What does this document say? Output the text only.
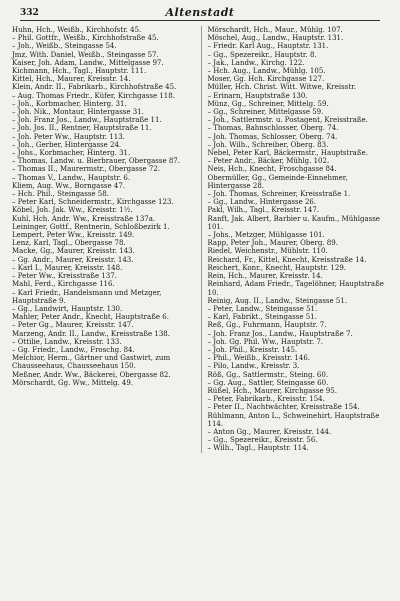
332	Altenstadt

Huhn, Hch., Weißb., Kirchhofstr. 45.

– Phil. Gottfr., Weißb., Kirchhofstraße 45.

– Joh., Weißb., Steingasse 54.

Jmz, With. Daniel, Weißb., Steingasse 57.

Kaiser, Joh. Adam, Landw., Mittelgasse 97.

Kichmann, Hch., Tagl., Hauptstr. 111.

Kittel, Hch., Maurer, Kreisstr. 14.

Klein, Andr. II., Fabrikarb., Kirchhofstraße 45.

– Aug. Thomas Friedr., Küfer, Kirchgasse 118.

– Joh., Korbmacher, Hinterg. 31.

– Joh. Nik., Montaur, Hintergasse 31.

– Joh. Franz Jos., Landw., Hauptstraße 11.

– Joh. Jos. II., Rentner, Hauptstraße 11.

– Joh. Peter Ww., Hauptstr. 113.

– Joh., Gerber, Hintergasse 24.

– Johs., Korbmacher, Hinterg. 31.

– Thomas, Landw. u. Bierbrauer, Obergasse 87.

– Thomas II., Maurermstr., Obergasse 72.

– Thomas V., Landw., Hauptstr. 6.

Kliem, Aug. Ww., Borngasse 47.

– Hch. Phil., Steingasse 58.

– Peter Karl, Schneidermstr., Kirchgasse 123.

Köbel, Joh. Jak. Ww., Kreisstr. 1½.

Kuhl, Hch. Andr. Ww., Kreisstraße 137a.

Leininger, Gottf., Rentnerin, Schloßbezirk 1.

Lempert, Peter Ww., Kreisstr. 149.

Lenz, Karl, Tagl., Obergasse 78.

Macke, Gg., Maurer, Kreisstr. 143.

– Gg. Andr., Maurer, Kreisstr. 143.

– Karl I., Maurer, Kreisstr. 148.

– Peter Ww., Kreisstraße 137.

Mahl, Ferd., Kirchgasse 116.

– Karl Friedr., Handelsmann und Metzger, Hauptstraße 9.

– Gg., Landwirt, Hauptstr. 130.

Mahler, Peter Andr., Knecht, Hauptstraße 6.

– Peter Gg., Maurer, Kreisstr. 147.

Marzeng, Andr. II., Landw., Kreisstraße 138.

– Ottilie, Landw., Kreisstr. 133.

– Gg. Friedr., Landw., Froschg. 84.

Melchior, Herm., Gärtner und Gastwirt, zum Chausseehaus, Chausseehaus 150.

Meßner, Andr. Ww., Bäckerei, Obergasse 82.

Mörschardt, Gg. Ww., Mittelg. 49.

Mörschardt, Hch., Maur., Mühlg. 107.

Möschel, Aug., Landw., Hauptstr. 131.

– Friedr. Karl Aug., Hauptstr. 131.

– Gg., Spezereikr., Hauptstr. 8.

– Jak., Landw., Kirchg. 122.

– Hch. Aug., Landw., Mühlg. 105.

Moser, Gg. Hch. Kirchgasse 127.

Müller, Hch. Christ. Witt. Witwe, Kreisstr.

– Erinarn, Hauptstraße 130.

Münz, Gg., Schreiner, Mittelg. 59.

– Gg., Schreiner, Mittelgasse 59.

– Joh., Sattlermstr. u. Postagent, Kreisstraße.

– Thomas, Bahnschlosser, Oberg. 74.

– Joh. Thomas, Schlosser, Oberg. 74.

– Joh. Wilh., Schreiber, Oberg. 83.

Nebel, Peter Karl, Bäckermstr., Hauptstraße.

– Peter Andr., Bäcker, Mühlg. 102.

Neis, Hch., Knecht, Froschgasse 84.

Obermüller, Gg., Gemeinde-Einnehmer, Hintergasse 28.

– Joh. Thomas, Schreiner, Kreisstraße 1.

– Gg., Landw., Hintergasse 26.

Pakl, Wilh., Tagl., Kreisstr. 147.

Ranft, Jak. Albert, Barbier u. Kaufm., Mühlgasse 101.

– Johs., Metzger, Mühlgasse 101.

Rapp, Peter Joh., Maurer, Oberg. 89.

Riedel, Weichenstr., Mühlstr. 110.

Reichard, Fr., Kittel, Knecht, Kreisstraße 14.

Reichert, Konr., Knecht, Hauptstr. 129.

Rein, Hch., Maurer, Kreisstr. 14.

Reinhard, Adam Friedr., Tagelöhner, Hauptstraße 10.

Reinig, Aug. II., Landw., Steingasse 51.

– Peter, Landw., Steingasse 51.

– Karl, Fabrikt., Steingasse 51.

Reß, Gg., Fuhrmann, Hauptstr. 7.

– Joh. Franz Jos., Landw., Hauptstraße 7.

– Joh. Gg. Phil. Ww., Hauptstr. 7.

– Joh. Phil., Kreisstr. 145.

– Phil., Weißb., Kreisstr. 146.

– Pilo, Landw., Kreisstr. 3.

Röß, Gg., Sattlermstr., Steing. 60.

– Gg. Aug., Sattler, Steingasse 60.

Rüßel, Hch., Maurer, Kirchgasse 95.

– Peter, Fabrikarb., Kreisstr. 154.

– Peter II., Nachtwächter, Kreisstraße 154.

Rühlmann, Anton L., Schweinehirt, Hauptstraße 114.

– Anton Gg., Maurer, Kreisstr. 144.

– Gg., Spezereikr., Kreisstr. 56.

– Wilh., Tagl., Hauptstr. 114.
